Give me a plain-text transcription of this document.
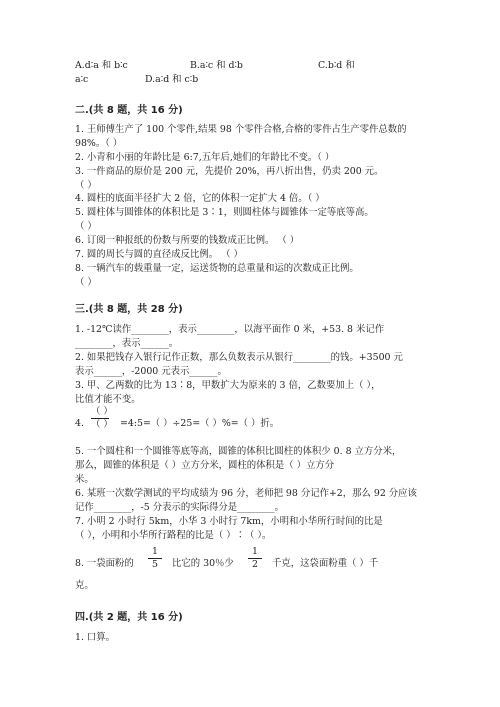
A.d∶a 和 b∶c	B.a∶c 和 d∶b	C.b∶d 和
a∶c	D.a∶d 和 c∶b
二.(共 8 题，共 16 分)
1. 王师傅生产了 100 个零件,结果 98 个零件合格,合格的零件占生产零件总数的
98%。（ ）
2. 小青和小丽的年龄比是 6:7,五年后,她们的年龄比不变。（ ）
3. 一件商品的原价是 200 元，先提价 20%，再八折出售，仍卖 200 元。
（ ）
4. 圆柱的底面半径扩大 2 倍，它的体积一定扩大 4 倍。（ ）
5. 圆柱体与圆锥体的体积比是 3∶1，则圆柱体与圆锥体一定等底等高。
（ ）
6. 订阅一种报纸的份数与所要的钱数成正比例。 （ ）
7. 圆的周长与圆的直径成反比例。 （ ）
8. 一辆汽车的载重量一定，运送货物的总重量和运的次数成正比例。
（ ）
三.(共 8 题，共 28 分)
1. -12℃读作________，表示________，以海平面作 0 米，+53. 8 米记作
________，表示______。
2. 如果把钱存入银行记作正数，那么负数表示从银行________的钱。+3500 元
表示______，-2000 元表示______。
3. 甲、乙两数的比为 13∶8，甲数扩大为原来的 3 倍，乙数要加上（ ），
比值才能不变。
4.
（ ）
（ ） =4:5=（ ）÷25=（ ）%=（ ）折。
5. 一个圆柱和一个圆锥等底等高，圆锥的体积比圆柱的体积少 0. 8 立方分米，
那么，圆锥的体积是（ ）立方分米，圆柱的体积是（ ）立方分
米。
6. 某班一次数学测试的平均成绩为 96 分，老师把 98 分记作+2，那么 92 分应该
记作________，-5 分表示的实际得分是________。
7. 小明 2 小时行 5km，小华 3 小时行 7km，小明和小华所行时间的比是
（ ），小明和小华所行路程的比是（ ）∶（ ）。
8. 一袋面粉的 $\frac{1}{5}$ 比它的 30％少 $\frac{1}{2}$ 千克，这袋面粉重（ ）千
克。
四.(共 2 题，共 16 分)
1. 口算。
